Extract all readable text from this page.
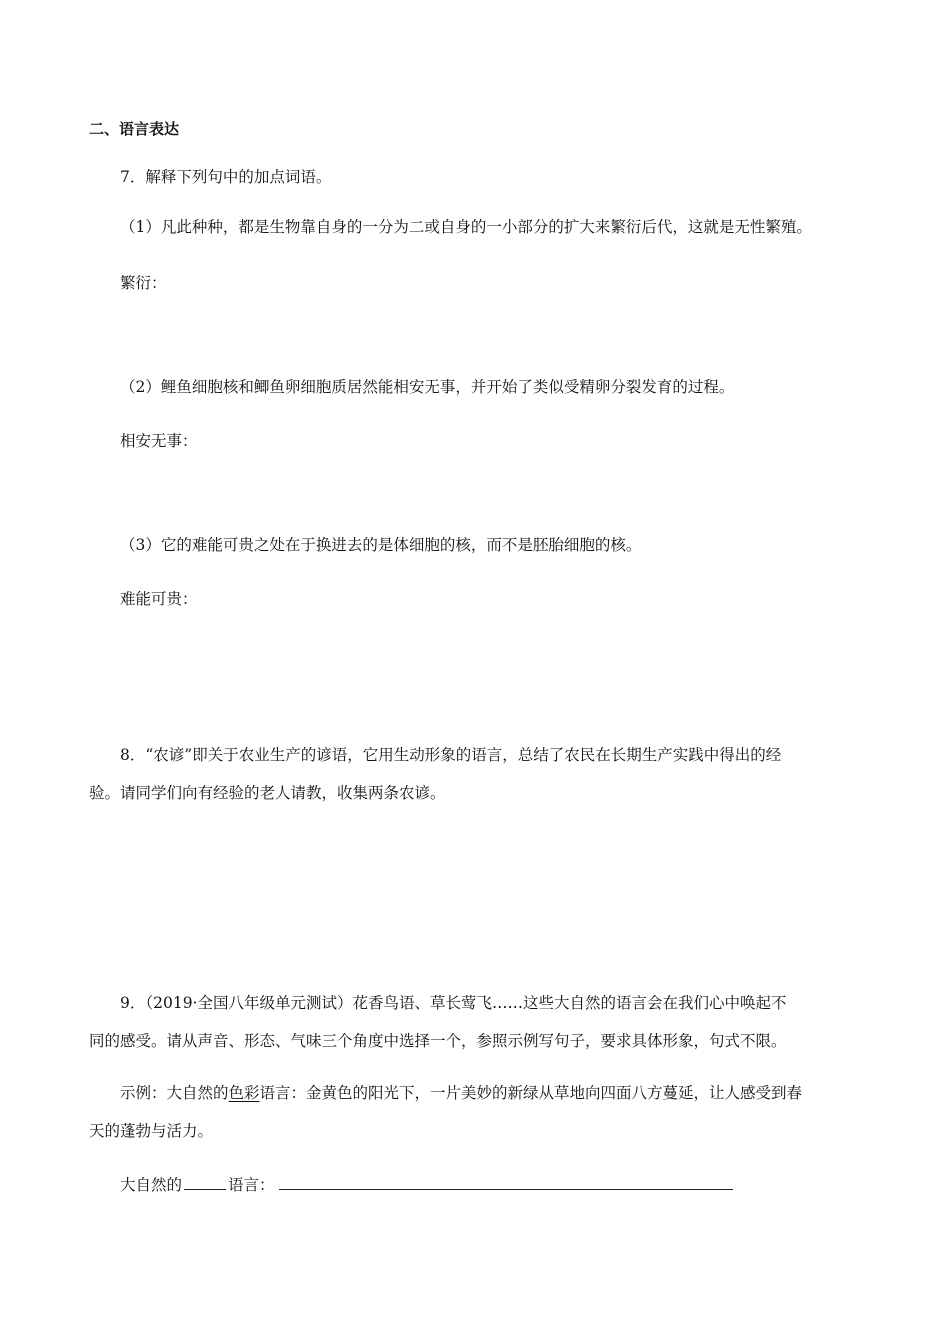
二、语言表达
7．解释下列句中的加点词语。
（1）凡此种种，都是生物靠自身的一分为二或自身的一小部分的扩大来繁衍后代，这就是无性繁殖。
繁衍：
（2）鲤鱼细胞核和鲫鱼卵细胞质居然能相安无事，并开始了类似受精卵分裂发育的过程。
相安无事：
（3）它的难能可贵之处在于换进去的是体细胞的核，而不是胚胎细胞的核。
难能可贵：
8．“农谚”即关于农业生产的谚语，它用生动形象的语言，总结了农民在长期生产实践中得出的经
验。请同学们向有经验的老人请教，收集两条农谚。
9．（2019·全国八年级单元测试）花香鸟语、草长莺飞……这些大自然的语言会在我们心中唤起不
同的感受。请从声音、形态、气味三个角度中选择一个，参照示例写句子，要求具体形象，句式不限。
示例：大自然的色彩语言：金黄色的阳光下，一片美妙的新绿从草地向四面八方蔓延，让人感受到春
天的蓬勃与活力。
大自然的	语言：
